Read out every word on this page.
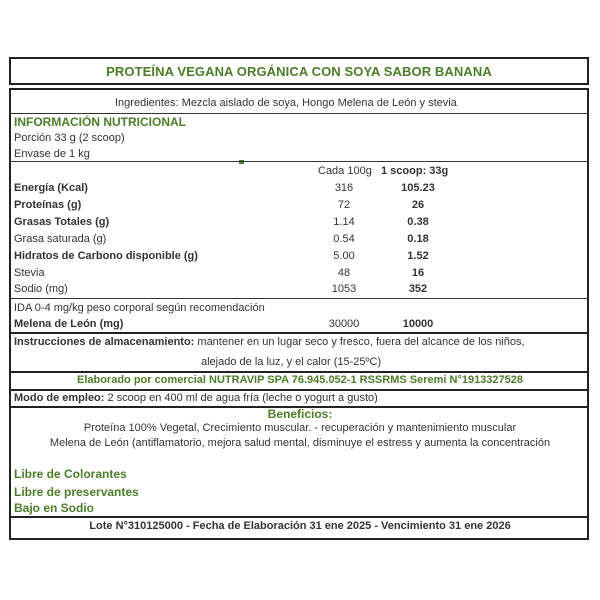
PROTEÍNA VEGANA ORGÁNICA CON SOYA SABOR BANANA
Ingredientes: Mezcla aislado de soya, Hongo Melena de León y stevia
INFORMACIÓN NUTRICIONAL
Porción 33 g (2 scoop)
Envase de 1 kg
Cada 100g 1 scoop: 33g
Energía (Kcal)	316	105.23
Proteínas (g)	72	26
Grasas Totales (g)	1.14	0.38
Grasa saturada (g)	0.54	0.18
Hidratos de Carbono disponible (g)	5.00	1.52
Stevia	48	16
Sodio (mg)	1053	352
IDA 0-4 mg/kg peso corporal según recomendación
Melena de León (mg)	30000	10000
Instrucciones de almacenamiento: mantener en un lugar seco y fresco, fuera del alcance de los niños,
alejado de la luz, y el calor (15-25ºC)
Elaborado por comercial NUTRAVIP SPA 76.945.052-1 RSSRMS Seremi N°1913327528
Modo de empleo: 2 scoop en 400 ml de agua fría (leche o yogurt a gusto)
Beneficios:
Proteína 100% Vegetal, Crecimiento muscular. - recuperación y mantenimiento muscular
Melena de León (antiflamatorio, mejora salud mental, disminuye el estress y aumenta la concentración
Libre de Colorantes
Libre de preservantes
Bajo en Sodio
Lote N°310125000 - Fecha de Elaboración 31 ene 2025 - Vencimiento 31 ene 2026
